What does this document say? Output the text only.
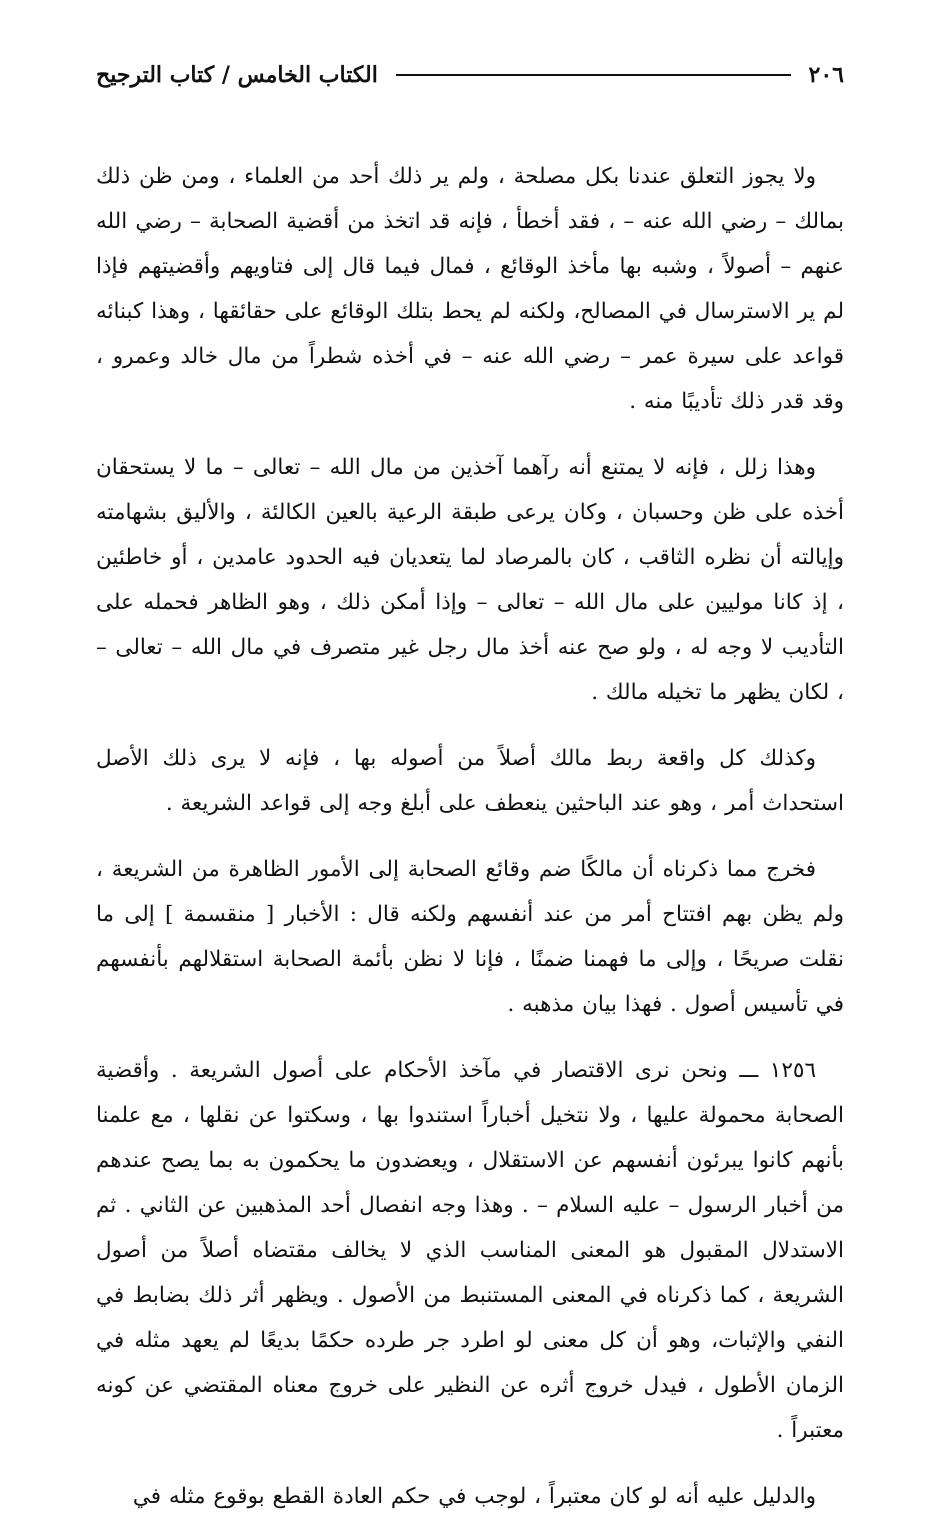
٢٠٦
الكتاب الخامس / كتاب الترجيح

ولا يجوز التعلق عندنا بكل مصلحة ، ولم ير ذلك أحد من العلماء ، ومن ظن ذلك بمالك – رضي الله عنه – ، فقد أخطأ ، فإنه قد اتخذ من أقضية الصحابة – رضي الله عنهم – أصولاً ، وشبه بها مأخذ الوقائع ، فمال فيما قال إلى فتاويهم وأقضيتهم فإذا لم ير الاسترسال في المصالح، ولكنه لم يحط بتلك الوقائع على حقائقها ، وهذا كبنائه قواعد على سيرة عمر – رضي الله عنه – في أخذه شطراً من مال خالد وعمرو ، وقد قدر ذلك تأديبًا منه .

وهذا زلل ، فإنه لا يمتنع أنه رآهما آخذين من مال الله – تعالى – ما لا يستحقان أخذه على ظن وحسبان ، وكان يرعى طبقة الرعية بالعين الكالئة ، والأليق بشهامته وإيالته أن نظره الثاقب ، كان بالمرصاد لما يتعديان فيه الحدود عامدين ، أو خاطئين ، إذ كانا موليين على مال الله – تعالى – وإذا أمكن ذلك ، وهو الظاهر فحمله على التأديب لا وجه له ، ولو صح عنه أخذ مال رجل غير متصرف في مال الله – تعالى – ، لكان يظهر ما تخيله مالك .

وكذلك كل واقعة ربط مالك أصلاً من أصوله بها ، فإنه لا يرى ذلك الأصل استحداث أمر ، وهو عند الباحثين ينعطف على أبلغ وجه إلى قواعد الشريعة .

فخرج مما ذكرناه أن مالكًا ضم وقائع الصحابة إلى الأمور الظاهرة من الشريعة ، ولم يظن بهم افتتاح أمر من عند أنفسهم ولكنه قال : الأخبار [ منقسمة ] إلى ما نقلت صريحًا ، وإلى ما فهمنا ضمنًا ، فإنا لا نظن بأئمة الصحابة استقلالهم بأنفسهم في تأسيس أصول . فهذا بيان مذهبه .

١٢٥٦ ـــ ونحن نرى الاقتصار في مآخذ الأحكام على أصول الشريعة . وأقضية الصحابة محمولة عليها ، ولا نتخيل أخباراً استندوا بها ، وسكتوا عن نقلها ، مع علمنا بأنهم كانوا يبرئون أنفسهم عن الاستقلال ، ويعضدون ما يحكمون به بما يصح عندهم من أخبار الرسول – عليه السلام – . وهذا وجه انفصال أحد المذهبين عن الثاني . ثم الاستدلال المقبول هو المعنى المناسب الذي لا يخالف مقتضاه أصلاً من أصول الشريعة ، كما ذكرناه في المعنى المستنبط من الأصول . ويظهر أثر ذلك بضابط في النفي والإثبات، وهو أن كل معنى لو اطرد جر طرده حكمًا بديعًا لم يعهد مثله في الزمان الأطول ، فيدل خروج أثره عن النظير على خروج معناه المقتضي عن كونه معتبراً .

والدليل عليه أنه لو كان معتبراً ، لوجب في حكم العادة القطع بوقوع مثله في
